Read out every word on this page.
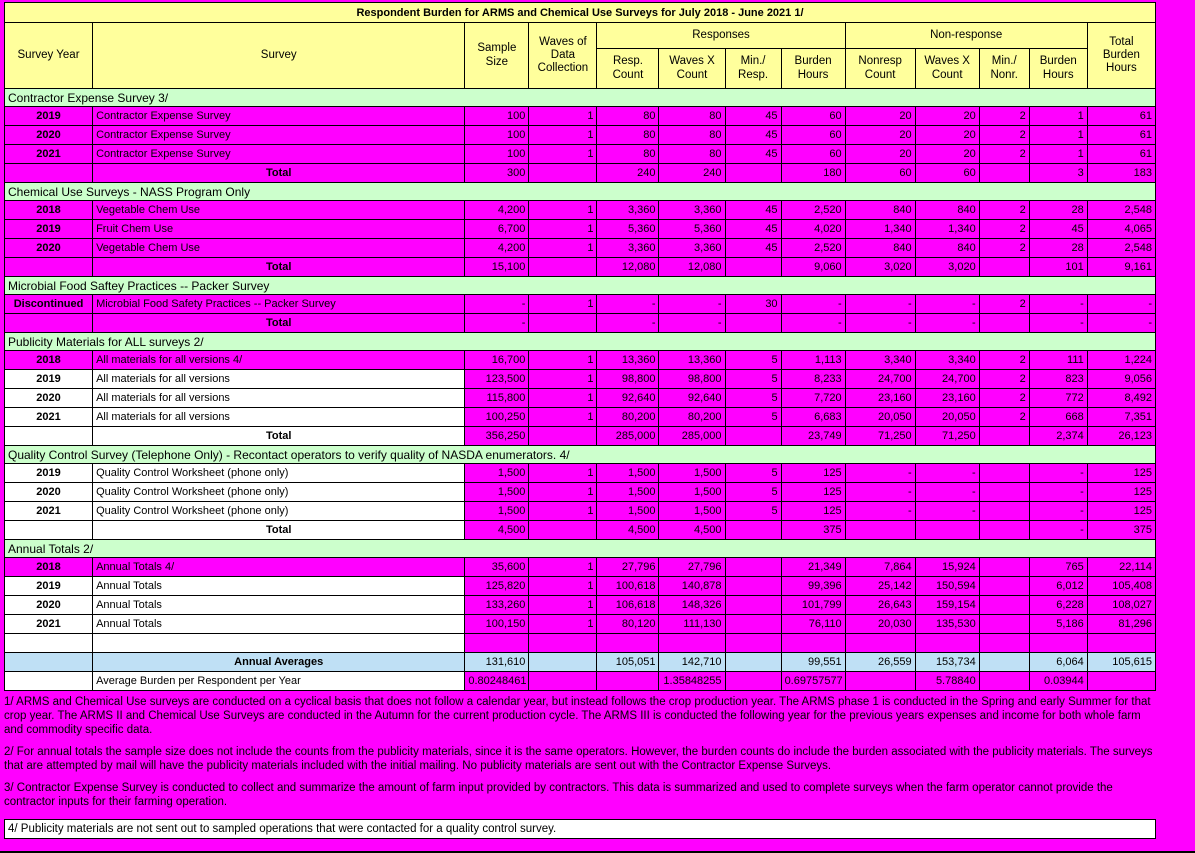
Respondent Burden for ARMS and Chemical Use Surveys for July 2018 - June 2021 1/												
Survey Year	Survey	Sample Size	Waves of Data Collection	Responses				Non-response				Total Burden Hours
				Resp. Count	Waves X Count	Min./ Resp.	Burden Hours	Nonresp Count	Waves X Count	Min./ Nonr.	Burden Hours	
Contractor Expense Survey 3/												
2019	Contractor Expense Survey	100	1	80	80	45	60	20	20	2	1	61
2020	Contractor Expense Survey	100	1	80	80	45	60	20	20	2	1	61
2021	Contractor Expense Survey	100	1	80	80	45	60	20	20	2	1	61
	Total	300		240	240		180	60	60		3	183
Chemical Use Surveys - NASS Program Only												
2018	Vegetable Chem Use	4,200	1	3,360	3,360	45	2,520	840	840	2	28	2,548
2019	Fruit Chem Use	6,700	1	5,360	5,360	45	4,020	1,340	1,340	2	45	4,065
2020	Vegetable Chem Use	4,200	1	3,360	3,360	45	2,520	840	840	2	28	2,548
	Total	15,100		12,080	12,080		9,060	3,020	3,020		101	9,161
Microbial Food Saftey Practices -- Packer Survey												
Discontinued	Microbial Food Safety Practices -- Packer Survey	-	1	-	-	30	-	-	-	2	-	-
	Total	-		-	-		-	-	-		-	-
Publicity Materials for ALL surveys 2/												
2018	All materials for all versions 4/	16,700	1	13,360	13,360	5	1,113	3,340	3,340	2	111	1,224
2019	All materials for all versions	123,500	1	98,800	98,800	5	8,233	24,700	24,700	2	823	9,056
2020	All materials for all versions	115,800	1	92,640	92,640	5	7,720	23,160	23,160	2	772	8,492
2021	All materials for all versions	100,250	1	80,200	80,200	5	6,683	20,050	20,050	2	668	7,351
	Total	356,250		285,000	285,000		23,749	71,250	71,250		2,374	26,123
Quality Control Survey (Telephone Only) - Recontact operators to verify quality of NASDA enumerators. 4/												
2019	Quality Control Worksheet (phone only)	1,500	1	1,500	1,500	5	125	-	-		-	125
2020	Quality Control Worksheet (phone only)	1,500	1	1,500	1,500	5	125	-	-		-	125
2021	Quality Control Worksheet (phone only)	1,500	1	1,500	1,500	5	125	-	-		-	125
	Total	4,500		4,500	4,500		375				-	375
Annual Totals 2/												
2018	Annual Totals 4/	35,600	1	27,796	27,796		21,349	7,864	15,924		765	22,114
2019	Annual Totals	125,820	1	100,618	140,878		99,396	25,142	150,594		6,012	105,408
2020	Annual Totals	133,260	1	106,618	148,326		101,799	26,643	159,154		6,228	108,027
2021	Annual Totals	100,150	1	80,120	111,130		76,110	20,030	135,530		5,186	81,296

	Annual Averages	131,610		105,051	142,710		99,551	26,559	153,734		6,064	105,615
	Average Burden per Respondent per Year	0.80248461			1.35848255		0.69757577		5.78840		0.03944	

1/ ARMS and Chemical Use surveys are conducted on a cyclical basis that does not follow a calendar year, but instead follows the crop production year. The ARMS phase 1 is conducted in the Spring and early Summer for that crop year. The ARMS II and Chemical Use Surveys are conducted in the Autumn for the current production cycle. The ARMS III is conducted the following year for the previous years expenses and income for both whole farm and commodity specific data.

2/ For annual totals the sample size does not include the counts from the publicity materials, since it is the same operators. However, the burden counts do include the burden associated with the publicity materials. The surveys that are attempted by mail will have the publicity materials included with the initial mailing. No publicity materials are sent out with the Contractor Expense Surveys.

3/ Contractor Expense Survey is conducted to collect and summarize the amount of farm input provided by contractors. This data is summarized and used to complete surveys when the farm operator cannot provide the contractor inputs for their farming operation.

4/ Publicity materials are not sent out to sampled operations that were contacted for a quality control survey.
